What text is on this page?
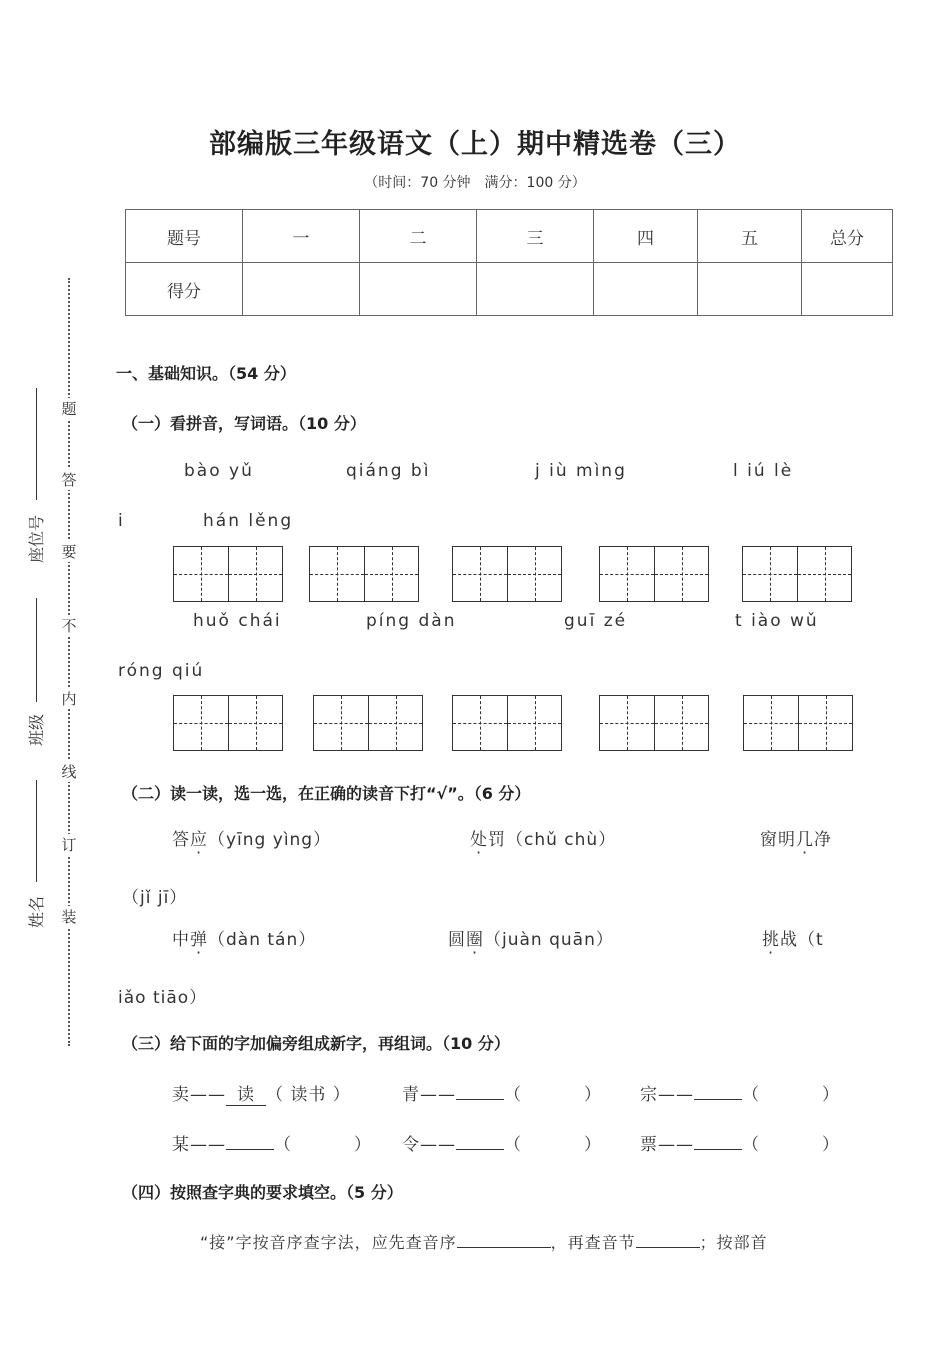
部编版三年级语文（上）期中精选卷（三）
（时间：70 分钟　满分：100 分）
题号	一	二	三	四	五	总分
得分						
题
答
要
不
内
线
订
装
座位号
班级
姓名
一、基础知识。（54 分）
（一）看拼音，写词语。（10 分）
bào yǔ	qiáng bì	j iù mìng	l iú lè
i	hán lěng
huǒ chái	píng dàn	guī zé	t iào wǔ
róng qiú
（二）读一读，选一选，在正确的读音下打“√”。（6 分）
答应（yīng yìng）	处罚（chǔ chù）	窗明几净
（jǐ jī）
中弹（dàn tán）	圆圈（juàn quān）	挑战（t
iǎo tiāo）
（三）给下面的字加偏旁组成新字，再组词。（10 分）
卖—— 读 （ 读书 ）	青——	（	） 宗——	（	）
某——	（	） 令——	（	） 票——	（	）
（四）按照查字典的要求填空。（5 分）
“接”字按音序查字法，应先查音序	，再查音节	；按部首
